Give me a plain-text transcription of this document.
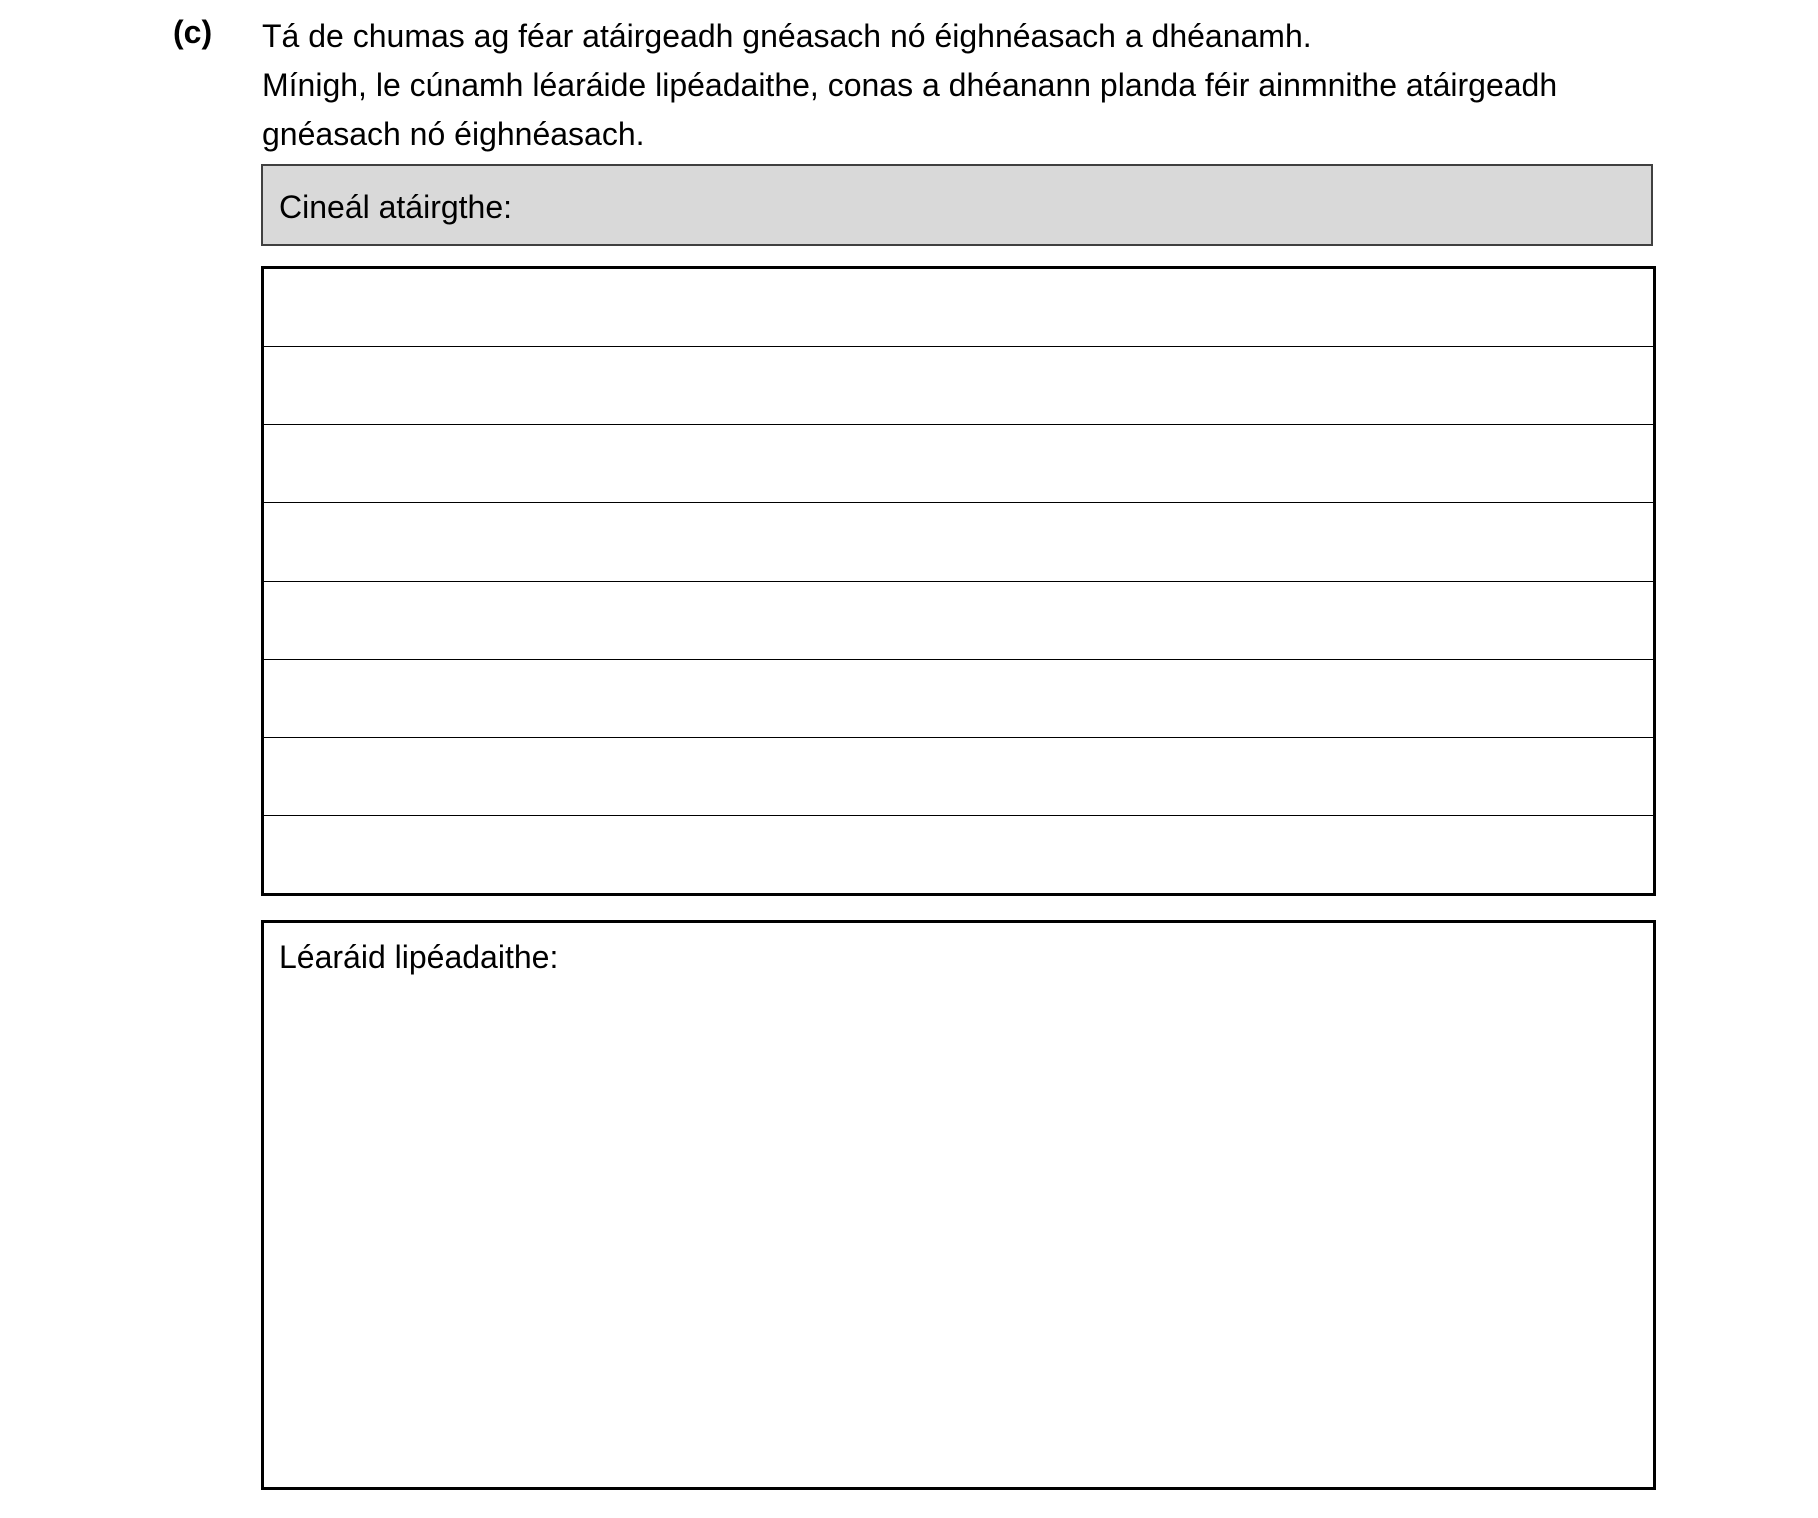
(c) Tá de chumas ag féar atáirgeadh gnéasach nó éighnéasach a dhéanamh.
Mínigh, le cúnamh léaráide lipéadaithe, conas a dhéanann planda féir ainmnithe atáirgeadh
gnéasach nó éighnéasach.
Cineál atáirgthe:
Léaráid lipéadaithe:
